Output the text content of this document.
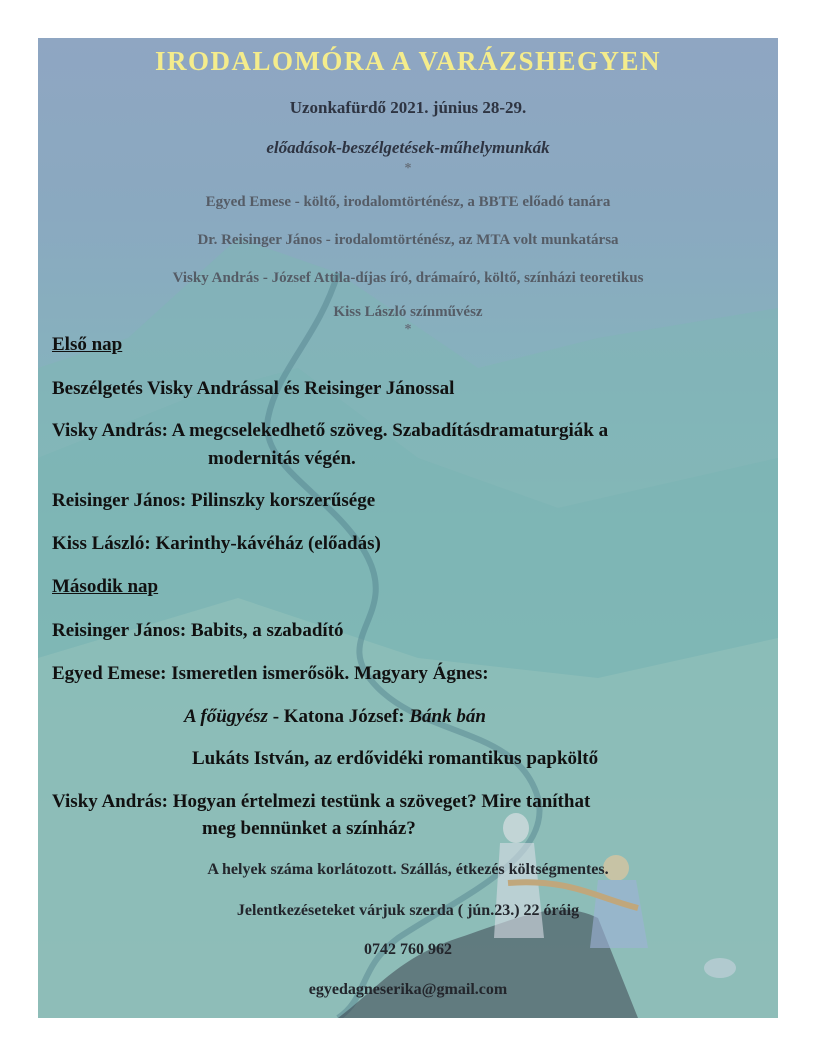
IRODALOMÓRA A VARÁZSHEGYEN
Uzonkafürdő 2021. június 28-29.
előadások-beszélgetések-műhelymunkák
*
Egyed Emese - költő, irodalomtörténész, a BBTE előadó tanára
Dr. Reisinger János - irodalomtörténész, az MTA volt munkatársa
Visky András - József Attila-díjas író, drámaíró, költő, színházi teoretikus
Kiss László színművész
*
Első nap
Beszélgetés Visky Andrással és Reisinger Jánossal
Visky András: A megcselekedhető szöveg. Szabadításdramaturgiák a
modernitás végén.
Reisinger János: Pilinszky korszerűsége
Kiss László: Karinthy-kávéház (előadás)
Második nap
Reisinger János: Babits, a szabadító
Egyed Emese: Ismeretlen ismerősök. Magyary Ágnes:
A főügyész - Katona József: Bánk bán
Lukáts István, az erdővidéki romantikus papköltő
Visky András: Hogyan értelmezi testünk a szöveget? Mire taníthat
meg bennünket a színház?
A helyek száma korlátozott. Szállás, étkezés költségmentes.
Jelentkezéseteket várjuk szerda ( jún.23.) 22 óráig
0742 760 962
egyedagneserika@gmail.com
